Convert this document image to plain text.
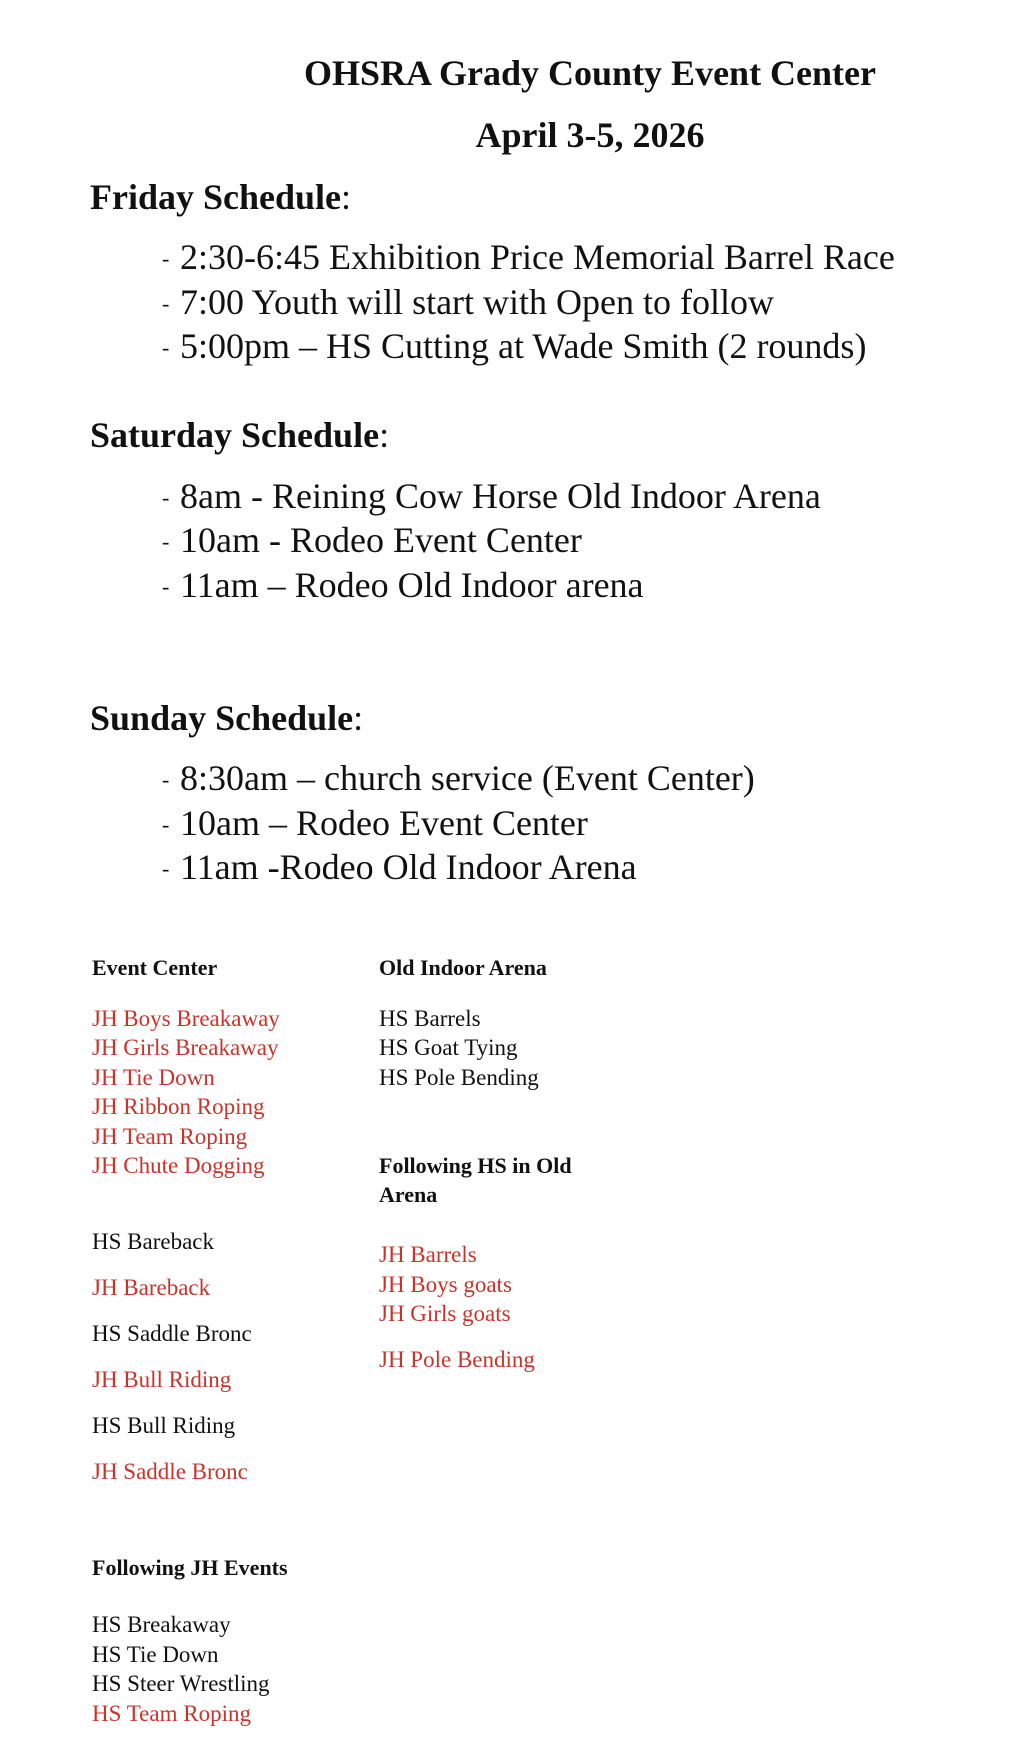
OHSRA Grady County Event Center
April 3-5, 2026
Friday Schedule:
- 2:30-6:45 Exhibition Price Memorial Barrel Race
- 7:00 Youth will start with Open to follow
- 5:00pm – HS Cutting at Wade Smith (2 rounds)
Saturday Schedule:
- 8am - Reining Cow Horse Old Indoor Arena
- 10am - Rodeo Event Center
- 11am – Rodeo Old Indoor arena
Sunday Schedule:
- 8:30am – church service (Event Center)
- 10am – Rodeo Event Center
- 11am -Rodeo Old Indoor Arena
Event Center
JH Boys Breakaway
JH Girls Breakaway
JH Tie Down
JH Ribbon Roping
JH Team Roping
JH Chute Dogging
HS Bareback
JH Bareback
HS Saddle Bronc
JH Bull Riding
HS Bull Riding
JH Saddle Bronc
Following JH Events
HS Breakaway
HS Tie Down
HS Steer Wrestling
HS Team Roping
Old Indoor Arena
HS Barrels
HS Goat Tying
HS Pole Bending
Following HS in Old
Arena
JH Barrels
JH Boys goats
JH Girls goats
JH Pole Bending
